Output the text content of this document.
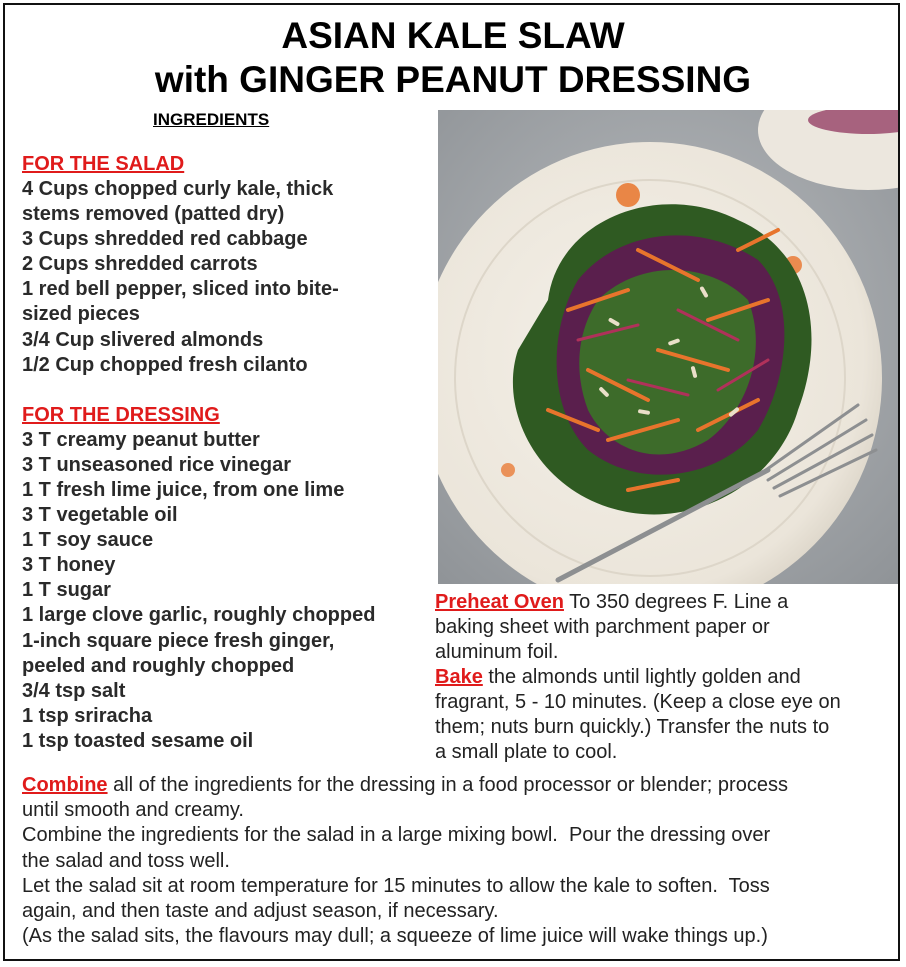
ASIAN KALE SLAW
with GINGER PEANUT DRESSING
INGREDIENTS
FOR THE SALAD
4 Cups chopped curly kale, thick
stems removed (patted dry)
3 Cups shredded red cabbage
2 Cups shredded carrots
1 red bell pepper, sliced into bite-
sized pieces
3/4 Cup slivered almonds
1/2 Cup chopped fresh cilanto
FOR THE DRESSING
3 T creamy peanut butter
3 T unseasoned rice vinegar
1 T fresh lime juice, from one lime
3 T vegetable oil
1 T soy sauce
3 T honey
1 T sugar
1 large clove garlic, roughly chopped
1-inch square piece fresh ginger,
peeled and roughly chopped
3/4 tsp salt
1 tsp sriracha
1 tsp toasted sesame oil
Preheat Oven To 350 degrees F. Line a
baking sheet with parchment paper or
aluminum foil.
Bake the almonds until lightly golden and
fragrant, 5 - 10 minutes. (Keep a close eye on
them; nuts burn quickly.) Transfer the nuts to
a small plate to cool.
Combine all of the ingredients for the dressing in a food processor or blender; process
until smooth and creamy.
Combine the ingredients for the salad in a large mixing bowl.  Pour the dressing over
the salad and toss well.
Let the salad sit at room temperature for 15 minutes to allow the kale to soften.  Toss
again, and then taste and adjust season, if necessary.
(As the salad sits, the flavours may dull; a squeeze of lime juice will wake things up.)
